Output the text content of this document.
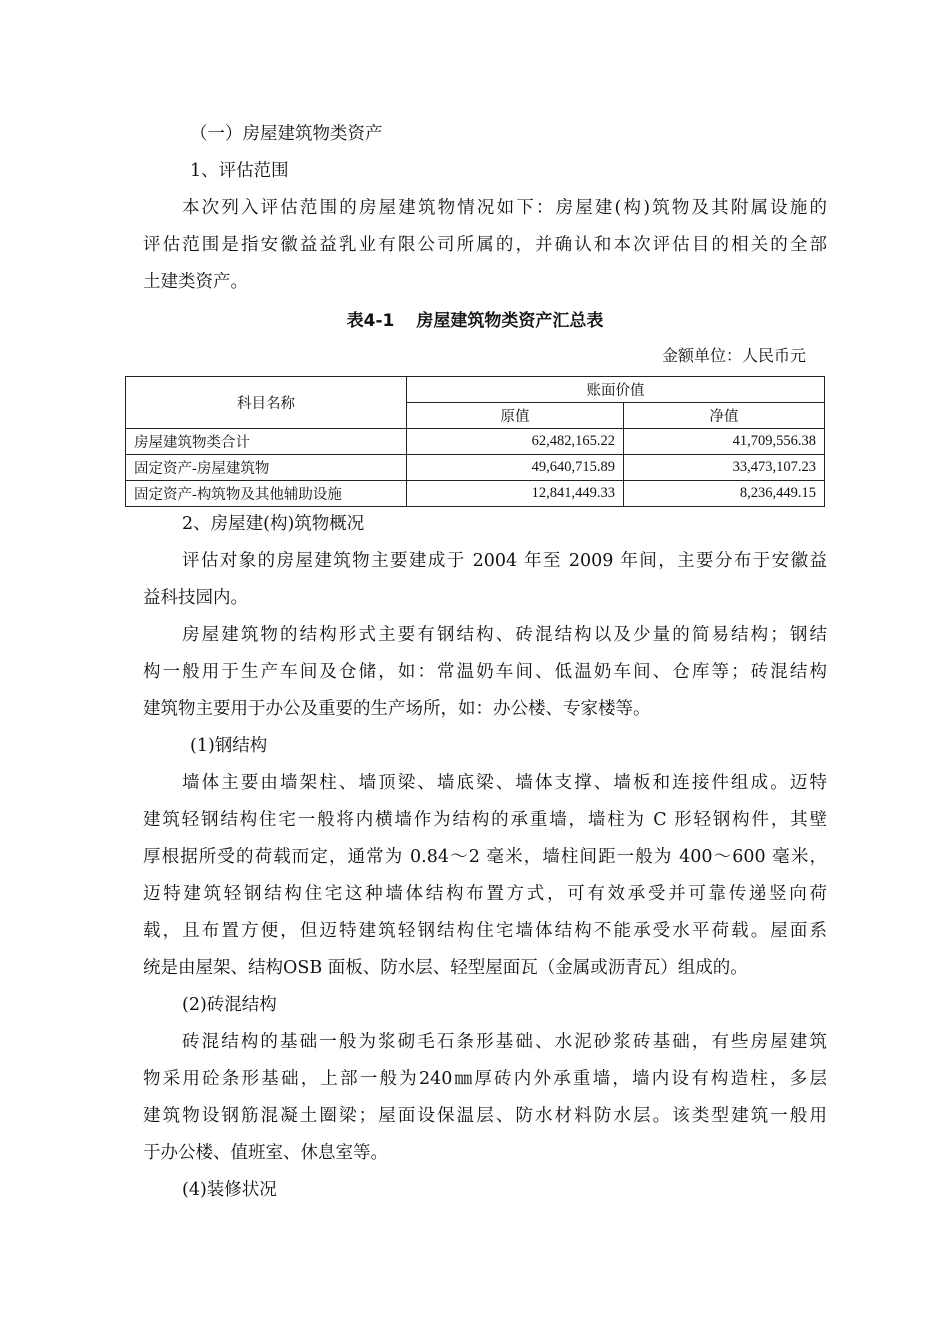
（一）房屋建筑物类资产
1、评估范围
本次列入评估范围的房屋建筑物情况如下：房屋建(构)筑物及其附属设施的
评估范围是指安徽益益乳业有限公司所属的，并确认和本次评估目的相关的全部
土建类资产。
表4-1 房屋建筑物类资产汇总表
金额单位：人民币元
科目名称	账面价值	
	原值	净值
房屋建筑物类合计	62,482,165.22	41,709,556.38
固定资产-房屋建筑物	49,640,715.89	33,473,107.23
固定资产-构筑物及其他辅助设施	12,841,449.33	8,236,449.15
2、房屋建(构)筑物概况
评估对象的房屋建筑物主要建成于 2004 年至 2009 年间，主要分布于安徽益
益科技园内。
房屋建筑物的结构形式主要有钢结构、砖混结构以及少量的简易结构；钢结
构一般用于生产车间及仓储，如：常温奶车间、低温奶车间、仓库等；砖混结构
建筑物主要用于办公及重要的生产场所，如：办公楼、专家楼等。
(1)钢结构
墙体主要由墙架柱、墙顶梁、墙底梁、墙体支撑、墙板和连接件组成。迈特
建筑轻钢结构住宅一般将内横墙作为结构的承重墙，墙柱为 C 形轻钢构件，其壁
厚根据所受的荷载而定，通常为 0.84～2 毫米，墙柱间距一般为 400～600 毫米，
迈特建筑轻钢结构住宅这种墙体结构布置方式，可有效承受并可靠传递竖向荷
载，且布置方便，但迈特建筑轻钢结构住宅墙体结构不能承受水平荷载。屋面系
统是由屋架、结构OSB 面板、防水层、轻型屋面瓦（金属或沥青瓦）组成的。
(2)砖混结构
砖混结构的基础一般为浆砌毛石条形基础、水泥砂浆砖基础，有些房屋建筑
物采用砼条形基础，上部一般为240㎜厚砖内外承重墙，墙内设有构造柱，多层
建筑物设钢筋混凝土圈梁；屋面设保温层、防水材料防水层。该类型建筑一般用
于办公楼、值班室、休息室等。
(4)装修状况
